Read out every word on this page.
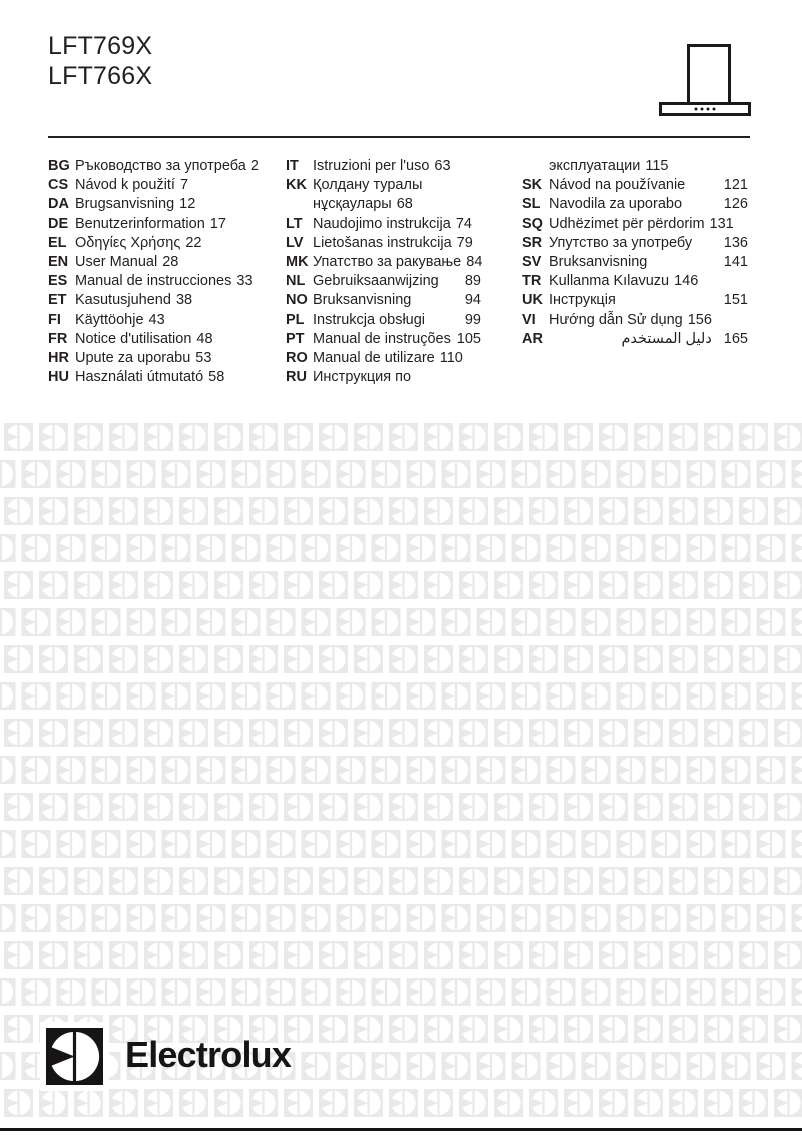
LFT769X
LFT766X
BG Ръководство за употреба 2
CS Návod k použití 7
DA Brugsanvisning 12
DE Benutzerinformation 17
EL Οδηγίες Χρήσης 22
EN User Manual 28
ES Manual de instrucciones 33
ET Kasutusjuhend 38
FI Käyttöohje 43
FR Notice d'utilisation 48
HR Upute za uporabu 53
HU Használati útmutató 58
IT Istruzioni per l'uso 63
KK Қолдану туралы
нұсқаулары 68
LT Naudojimo instrukcija 74
LV Lietošanas instrukcija 79
MK Упатство за ракување 84
NL Gebruiksaanwijzing 89
NO Bruksanvisning	94
PL Instrukcja obsługi	99
PT Manual de instruções 105
RO Manual de utilizare 110
RU Инструкция по
эксплуатации 115
SK Návod na používanie	121
SL Navodila za uporabo	126
SQ Udhëzimet për përdorim 131
SR Упутство за употребу 136
SV Bruksanvisning	141
TR Kullanma Kılavuzu 146
UK Інструкція	151
VI Hướng dẫn Sử dụng 156
AR	دليل المستخدم 165
Electrolux
